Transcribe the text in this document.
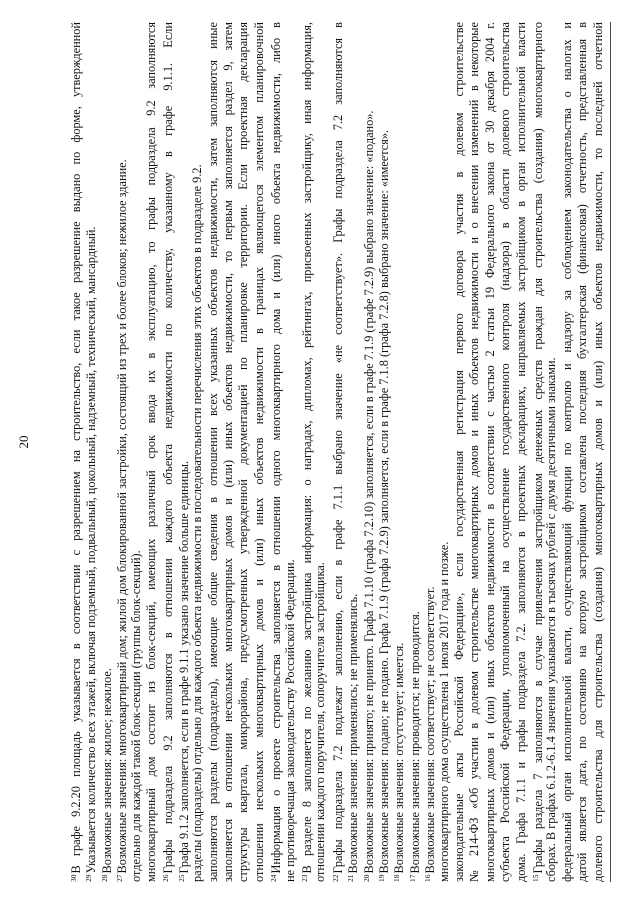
20	долевого строительства для строительства (создания) многоквартирных домов и (или) иных объектов недвижимости, то последней отчетной
датой является дата, по состоянию на которую застройщиком составлена последняя бухгалтерская (финансовая) отчетность, представленная в
федеральный орган исполнительной власти, осуществляющий функции по контролю и надзору за соблюдением законодательства о налогах и
сборах. В графах 6.1.2-6.1.4 значения указываются в тысячах рублей с двумя десятичными знаками.
$^{15}$Графы раздела 7 заполняются в случае привлечения застройщиком денежных средств граждан для строительства (создания) многоквартирного
дома. Графа 7.1.1 и графы подраздела 7.2. заполняются в проектных декларациях, направляемых застройщиком в орган исполнительной власти
субъекта Российской Федерации, уполномоченный на осуществление государственного контроля (надзора) в области долевого строительства
многоквартирных домов и (или) иных объектов недвижимости в соответствии с частью 2 статьи 19 Федерального закона от 30 декабря 2004 г.
№ 214-ФЗ «Об участии в долевом строительстве многоквартирных домов и иных объектов недвижимости и о внесении изменений в некоторые
законодательные акты Российской Федерации», если государственная регистрация первого договора участия в долевом строительстве
многоквартирного дома осуществлена 1 июля 2017 года и позже.
$^{16}$Возможные значения: соответствует; не соответствует.
$^{17}$Возможные значения: проводится; не проводится.
$^{18}$Возможные значения: отсутствует; имеется.
$^{19}$Возможные значения: подано; не подано. Графа 7.1.9 (графа 7.2.9) заполняется, если в графе 7.1.8 (графа 7.2.8) выбрано значение: «имеется».
$^{20}$Возможные значения: принято; не принято. Графа 7.1.10 (графа 7.2.10) заполняется, если в графе 7.1.9 (графе 7.2.9) выбрано значение: «подано».
$^{21}$Возможные значения: применялись; не применялись.
$^{22}$Графы подраздела 7.2 подлежат заполнению, если в графе 7.1.1 выбрано значение «не соответствует». Графы подраздела 7.2 заполняются в
отношении каждого поручителя, сопоручителя застройщика.
$^{23}$В разделе 8 заполняется по желанию застройщика информация: о наградах, дипломах, рейтингах, присвоенных застройщику, иная информация,
не противоречащая законодательству Российской Федерации.
$^{24}$Информация о проекте строительства заполняется в отношении одного многоквартирного дома и (или) иного объекта недвижимости, либо в
отношении нескольких многоквартирных домов и (или) иных объектов недвижимости в границах являющегося элементом планировочной
структуры квартала, микрорайона, предусмотренных утвержденной документацией по планировке территории. Если проектная декларация
заполняется в отношении нескольких многоквартирных домов и (или) иных объектов недвижимости, то первым заполняется раздел 9, затем
заполняются разделы (подразделы), имеющие общие сведения в отношении всех указанных объектов недвижимости, затем заполняются иные
разделы (подразделы) отдельно для каждого объекта недвижимости в последовательности перечисления этих объектов в подразделе 9.2.
$^{25}$Графа 9.1.2 заполняется, если в графе 9.1.1 указано значение больше единицы.
$^{26}$Графы подраздела 9.2 заполняются в отношении каждого объекта недвижимости по количеству, указанному в графе 9.1.1. Если
многоквартирный дом состоит из блок-секций, имеющих различный срок ввода их в эксплуатацию, то графы подраздела 9.2 заполняются
отдельно для каждой такой блок-секции (группы блок-секций).
$^{27}$Возможные значения: многоквартирный дом; жилой дом блокированной застройки, состоящий из трех и более блоков; нежилое здание.
$^{28}$Возможные значения: жилое; нежилое.
$^{29}$Указывается количество всех этажей, включая подземный, подвальный, цокольный, надземный, технический, мансардный.
$^{30}$В графе 9.2.20 площадь указывается в соответствии с разрешением на строительство, если такое разрешение выдано по форме, утвержденной
